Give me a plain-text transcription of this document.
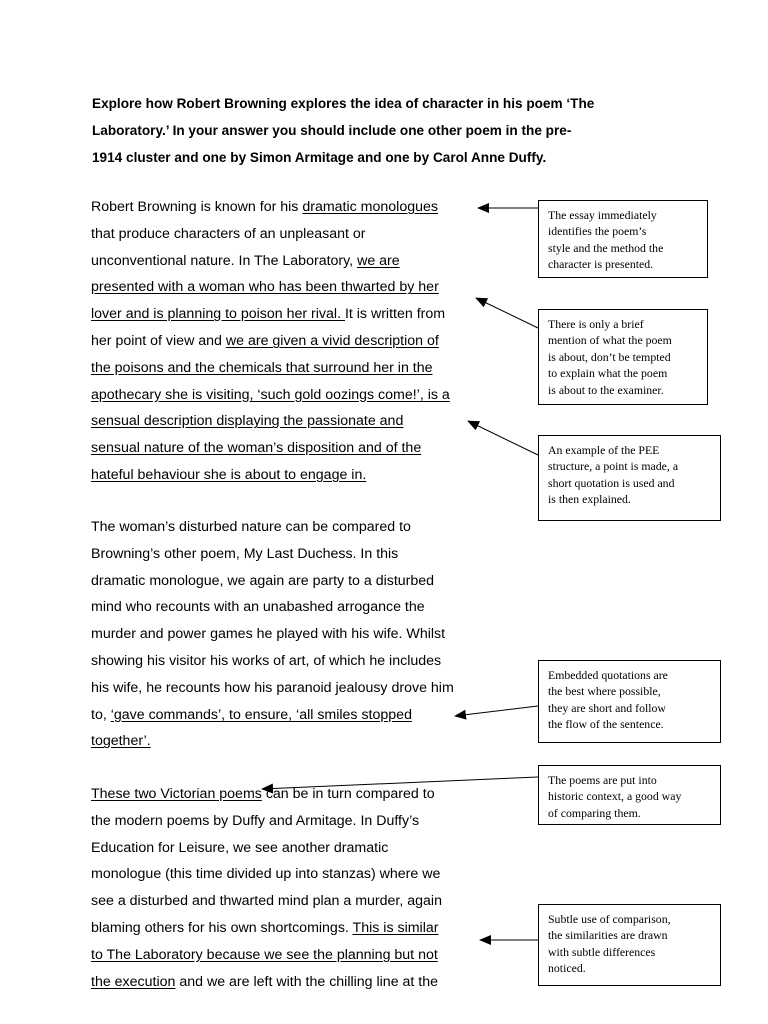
Explore how Robert Browning explores the idea of character in his poem ‘The
Laboratory.’ In your answer you should include one other poem in the pre-
1914 cluster and one by Simon Armitage and one by Carol Anne Duffy.
Robert Browning is known for his dramatic monologues
that produce characters of an unpleasant or
unconventional nature. In The Laboratory, we are
presented with a woman who has been thwarted by her
lover and is planning to poison her rival. It is written from
her point of view and we are given a vivid description of
the poisons and the chemicals that surround her in the
apothecary she is visiting, ‘such gold oozings come!’, is a
sensual description displaying the passionate and
sensual nature of the woman’s disposition and of the
hateful behaviour she is about to engage in.
The woman’s disturbed nature can be compared to
Browning’s other poem, My Last Duchess. In this
dramatic monologue, we again are party to a disturbed
mind who recounts with an unabashed arrogance the
murder and power games he played with his wife. Whilst
showing his visitor his works of art, of which he includes
his wife, he recounts how his paranoid jealousy drove him
to, ‘gave commands’, to ensure, ‘all smiles stopped
together’.
These two Victorian poems can be in turn compared to
the modern poems by Duffy and Armitage. In Duffy’s
Education for Leisure, we see another dramatic
monologue (this time divided up into stanzas) where we
see a disturbed and thwarted mind plan a murder, again
blaming others for his own shortcomings. This is similar
to The Laboratory because we see the planning but not
the execution and we are left with the chilling line at the
The essay immediately
identifies the poem’s
style and the method the
character is presented.
There is only a brief
mention of what the poem
is about, don’t be tempted
to explain what the poem
is about to the examiner.
An example of the PEE
structure, a point is made, a
short quotation is used and
is then explained.
Embedded quotations are
the best where possible,
they are short and follow
the flow of the sentence.
The poems are put into
historic context, a good way
of comparing them.
Subtle use of comparison,
the similarities are drawn
with subtle differences
noticed.
